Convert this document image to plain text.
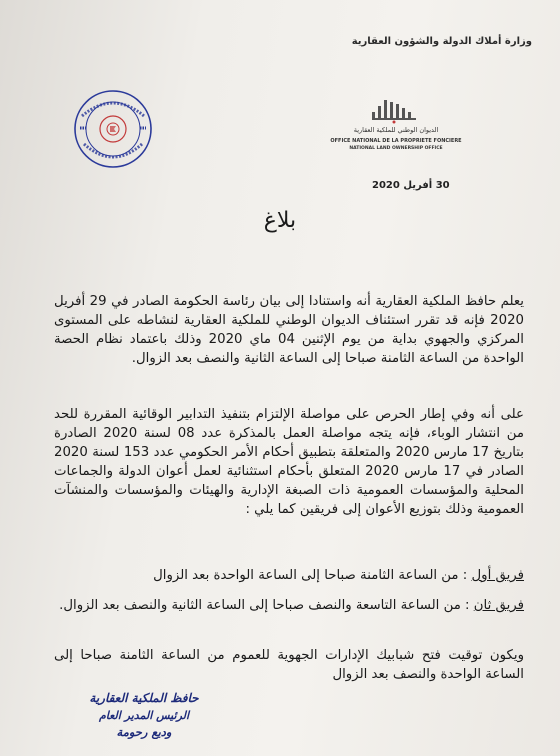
وزارة أملاك الدولة والشؤون العقارية
الديوان الوطني للملكية العقارية
OFFICE NATIONAL DE LA PROPRIETE FONCIERE
NATIONAL LAND OWNERSHIP OFFICE
30 أفريل 2020
بلاغ
يعلم حافظ الملكية العقارية أنه واستنادا إلى بيان رئاسة الحكومة الصادر في 29 أفريل 2020 فإنه قد تقرر استئناف الديوان الوطني للملكية العقارية لنشاطه على المستوى المركزي والجهوي بداية من يوم الإثنين 04 ماي 2020 وذلك باعتماد نظام الحصة الواحدة من الساعة الثامنة صباحا إلى الساعة الثانية والنصف بعد الزوال.
على أنه وفي إطار الحرص على مواصلة الإلتزام بتنفيذ التدابير الوقائية المقررة للحد من انتشار الوباء، فإنه يتجه مواصلة العمل بالمذكرة عدد 08 لسنة 2020 الصادرة بتاريخ 17 مارس 2020 والمتعلقة بتطبيق أحكام الأمر الحكومي عدد 153 لسنة 2020 الصادر في 17 مارس 2020 المتعلق بأحكام استثنائية لعمل أعوان الدولة والجماعات المحلية والمؤسسات العمومية ذات الصبغة الإدارية والهيئات والمؤسسات والمنشآت العمومية وذلك بتوزيع الأعوان إلى فريقين كما يلي :
فريق أول : من الساعة الثامنة صباحا إلى الساعة الواحدة بعد الزوال
فريق ثان : من الساعة التاسعة والنصف صباحا إلى الساعة الثانية والنصف بعد الزوال.
ويكون توقيت فتح شبابيك الإدارات الجهوية للعموم من الساعة الثامنة صباحا إلى الساعة الواحدة والنصف بعد الزوال
حافظ الملكية العقارية
الرئيس المدير العام
وديع رحومة
